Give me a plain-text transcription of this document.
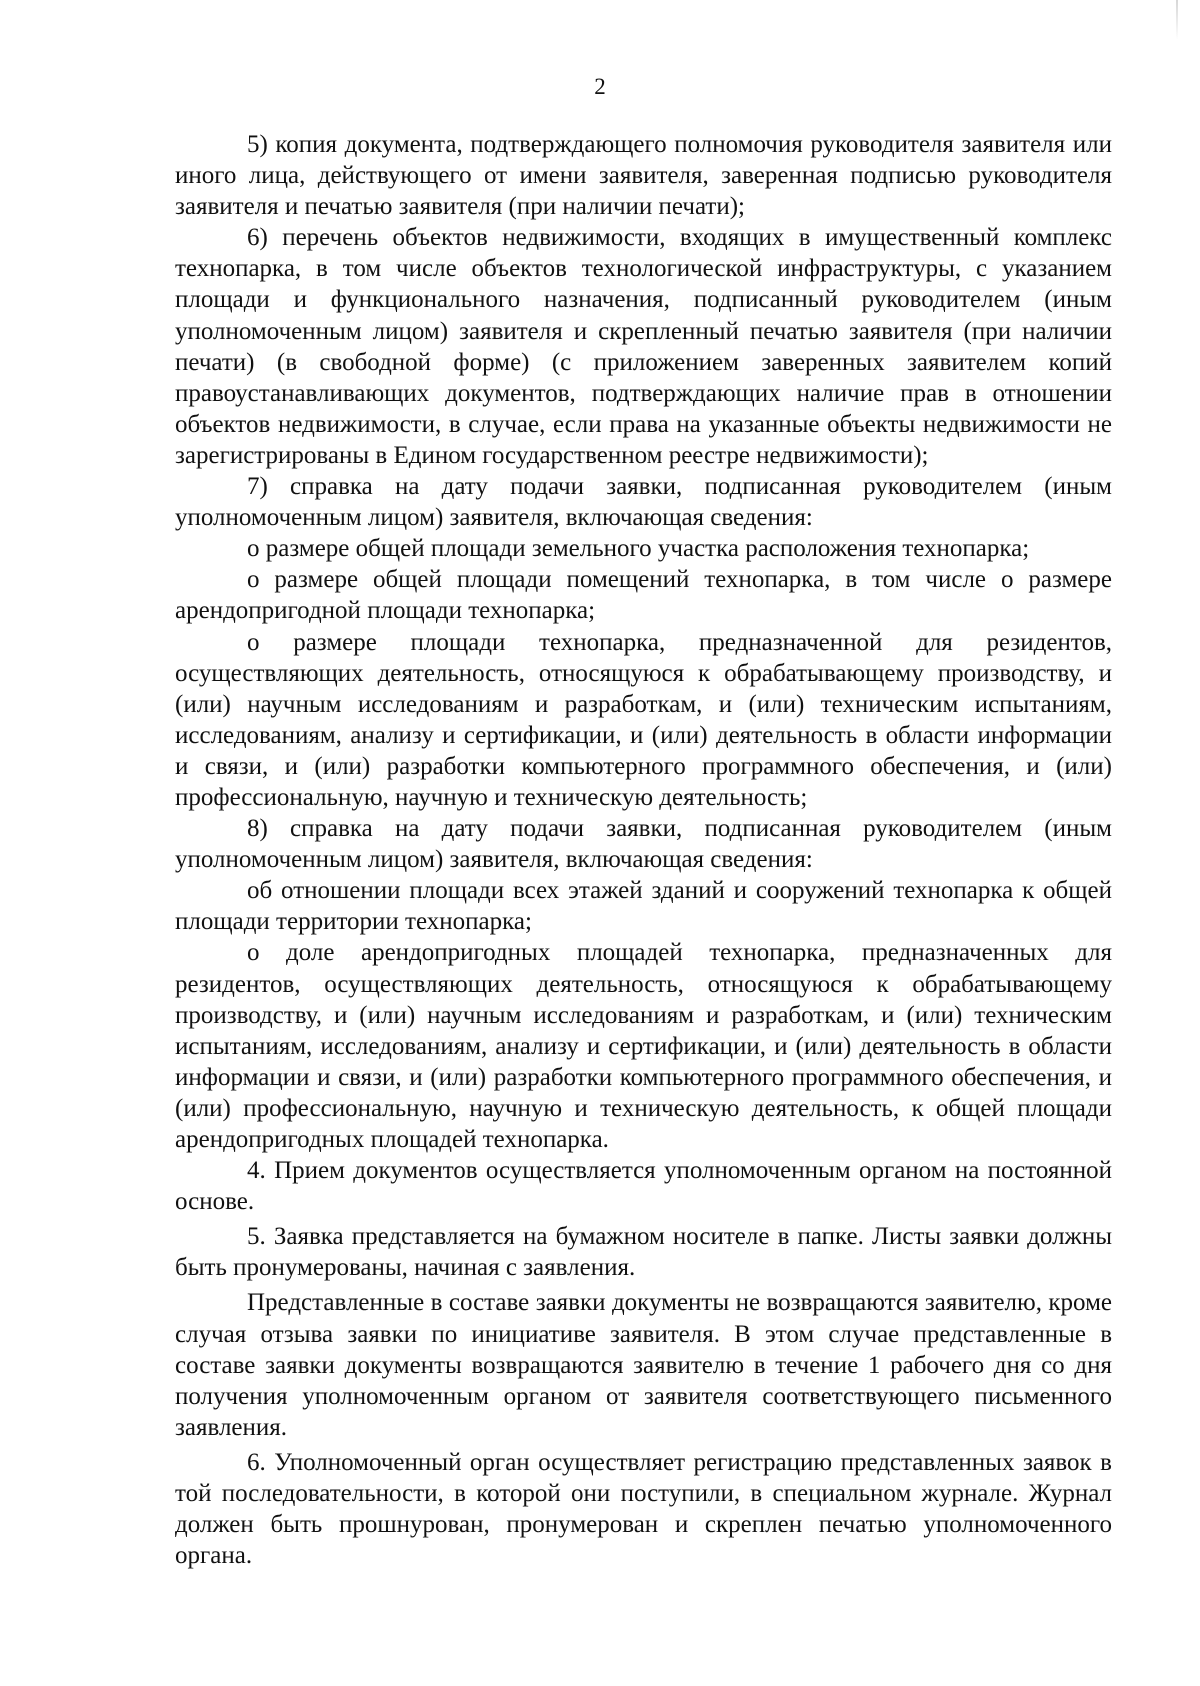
2

5) копия документа, подтверждающего полномочия руководителя заявителя или иного лица, действующего от имени заявителя, заверенная подписью руководителя заявителя и печатью заявителя (при наличии печати);

6) перечень объектов недвижимости, входящих в имущественный комплекс технопарка, в том числе объектов технологической инфраструктуры, с указанием площади и функционального назначения, подписанный руководителем (иным уполномоченным лицом) заявителя и скрепленный печатью заявителя (при наличии печати) (в свободной форме) (с приложением заверенных заявителем копий правоустанавливающих документов, подтверждающих наличие прав в отношении объектов недвижимости, в случае, если права на указанные объекты недвижимости не зарегистрированы в Едином государственном реестре недвижимости);

7) справка на дату подачи заявки, подписанная руководителем (иным уполномоченным лицом) заявителя, включающая сведения:

о размере общей площади земельного участка расположения технопарка;

о размере общей площади помещений технопарка, в том числе о размере арендопригодной площади технопарка;

о размере площади технопарка, предназначенной для резидентов, осуществляющих деятельность, относящуюся к обрабатывающему производству, и (или) научным исследованиям и разработкам, и (или) техническим испытаниям, исследованиям, анализу и сертификации, и (или) деятельность в области информации и связи, и (или) разработки компьютерного программного обеспечения, и (или) профессиональную, научную и техническую деятельность;

8) справка на дату подачи заявки, подписанная руководителем (иным уполномоченным лицом) заявителя, включающая сведения:

об отношении площади всех этажей зданий и сооружений технопарка к общей площади территории технопарка;

о доле арендопригодных площадей технопарка, предназначенных для резидентов, осуществляющих деятельность, относящуюся к обрабатывающему производству, и (или) научным исследованиям и разработкам, и (или) техническим испытаниям, исследованиям, анализу и сертификации, и (или) деятельность в области информации и связи, и (или) разработки компьютерного программного обеспечения, и (или) профессиональную, научную и техническую деятельность, к общей площади арендопригодных площадей технопарка.

4. Прием документов осуществляется уполномоченным органом на постоянной основе.

5. Заявка представляется на бумажном носителе в папке. Листы заявки должны быть пронумерованы, начиная с заявления.

Представленные в составе заявки документы не возвращаются заявителю, кроме случая отзыва заявки по инициативе заявителя. В этом случае представленные в составе заявки документы возвращаются заявителю в течение 1 рабочего дня со дня получения уполномоченным органом от заявителя соответствующего письменного заявления.

6. Уполномоченный орган осуществляет регистрацию представленных заявок в той последовательности, в которой они поступили, в специальном журнале. Журнал должен быть прошнурован, пронумерован и скреплен печатью уполномоченного органа.
